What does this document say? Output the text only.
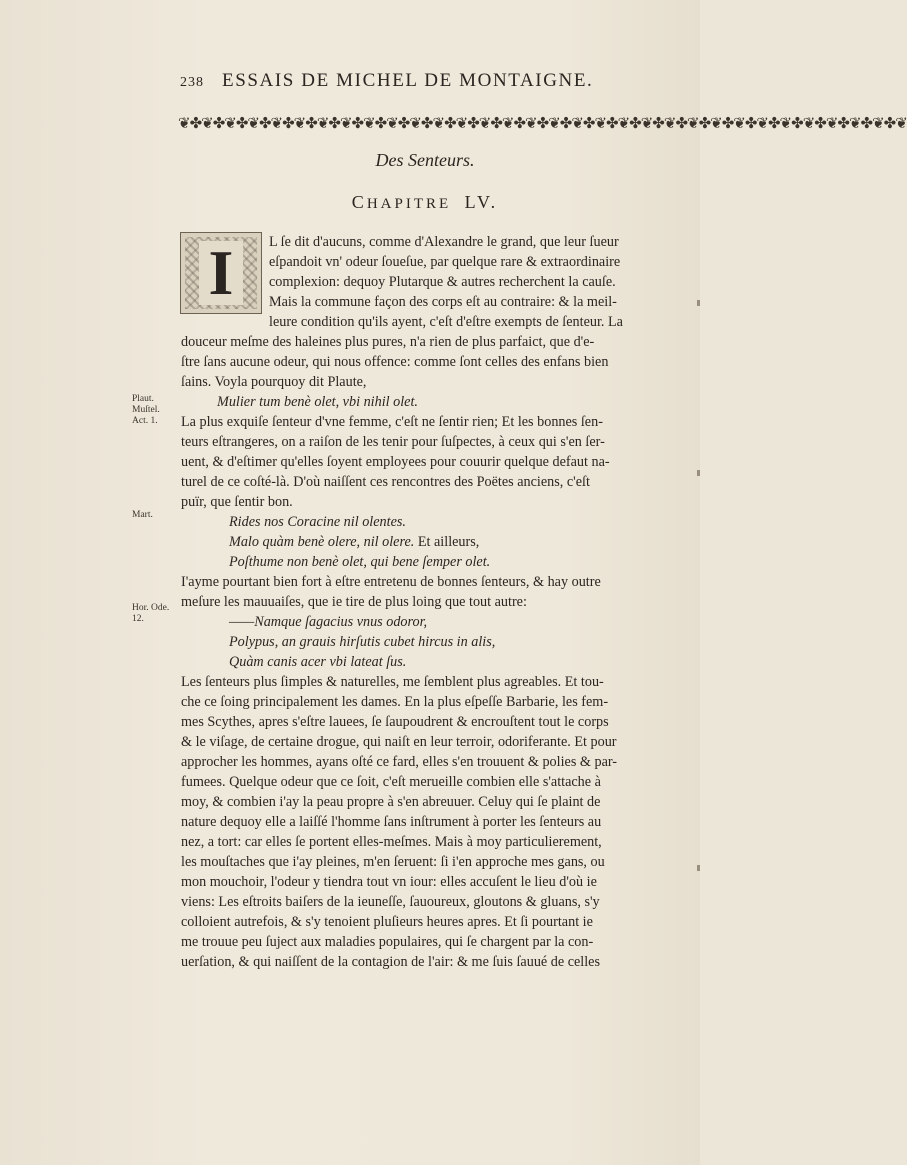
238 ESSAIS DE MICHEL DE MONTAIGNE.
❦✤❦✤❦✤❦✤❦✤❦✤❦✤❦✤❦✤❦✤❦✤❦✤❦✤❦✤❦✤❦✤❦✤❦✤❦✤❦✤❦✤❦✤❦✤❦✤❦✤❦✤❦✤❦✤❦✤❦✤❦✤❦
Des Senteurs.
CHAPITRE LV.
I	L ſe dit d'aucuns, comme d'Alexandre le grand, que leur ſueur
eſpandoit vn' odeur ſoueſue, par quelque rare & extraordinaire
complexion: dequoy Plutarque & autres recherchent la cauſe.
Mais la commune façon des corps eſt au contraire: & la meil-
leure condition qu'ils ayent, c'eſt d'eſtre exempts de ſenteur. La
douceur meſme des haleines plus pures, n'a rien de plus parfaict, que d'e-
ſtre ſans aucune odeur, qui nous offence: comme ſont celles des enfans bien
ſains. Voyla pourquoy dit Plaute,
Mulier tum benè olet, vbi nihil olet.
La plus exquiſe ſenteur d'vne femme, c'eſt ne ſentir rien; Et les bonnes ſen-
teurs eſtrangeres, on a raiſon de les tenir pour ſuſpectes, à ceux qui s'en ſer-
uent, & d'eſtimer qu'elles ſoyent employees pour couurir quelque defaut na-
turel de ce coſté-là. D'où naiſſent ces rencontres des Poëtes anciens, c'eſt
puïr, que ſentir bon.
Rides nos Coracine nil olentes.
Malo quàm benè olere, nil olere. Et ailleurs,
Poſthume non benè olet, qui bene ſemper olet.
I'ayme pourtant bien fort à eſtre entretenu de bonnes ſenteurs, & hay outre
meſure les mauuaiſes, que ie tire de plus loing que tout autre:
——Namque ſagacius vnus odoror,
Polypus, an grauis hirſutis cubet hircus in alis,
Quàm canis acer vbi lateat ſus.
Les ſenteurs plus ſimples & naturelles, me ſemblent plus agreables. Et tou-
che ce ſoing principalement les dames. En la plus eſpeſſe Barbarie, les fem-
mes Scythes, apres s'eſtre lauees, ſe ſaupoudrent & encrouſtent tout le corps
& le viſage, de certaine drogue, qui naiſt en leur terroir, odoriferante. Et pour
approcher les hommes, ayans oſté ce fard, elles s'en trouuent & polies & par-
fumees. Quelque odeur que ce ſoit, c'eſt merueille combien elle s'attache à
moy, & combien i'ay la peau propre à s'en abreuuer. Celuy qui ſe plaint de
nature dequoy elle a laiſſé l'homme ſans inſtrument à porter les ſenteurs au
nez, a tort: car elles ſe portent elles-meſmes. Mais à moy particulierement,
les mouſtaches que i'ay pleines, m'en ſeruent: ſi i'en approche mes gans, ou
mon mouchoir, l'odeur y tiendra tout vn iour: elles accuſent le lieu d'où ie
viens: Les eſtroits baiſers de la ieuneſſe, ſauoureux, gloutons & gluans, s'y
colloient autrefois, & s'y tenoient pluſieurs heures apres. Et ſi pourtant ie
me trouue peu ſuject aux maladies populaires, qui ſe chargent par la con-
uerſation, & qui naiſſent de la contagion de l'air: & me ſuis ſauué de celles
Plaut.
Muſtel.
Act. 1.
Mart.
Hor. Ode.
12.
